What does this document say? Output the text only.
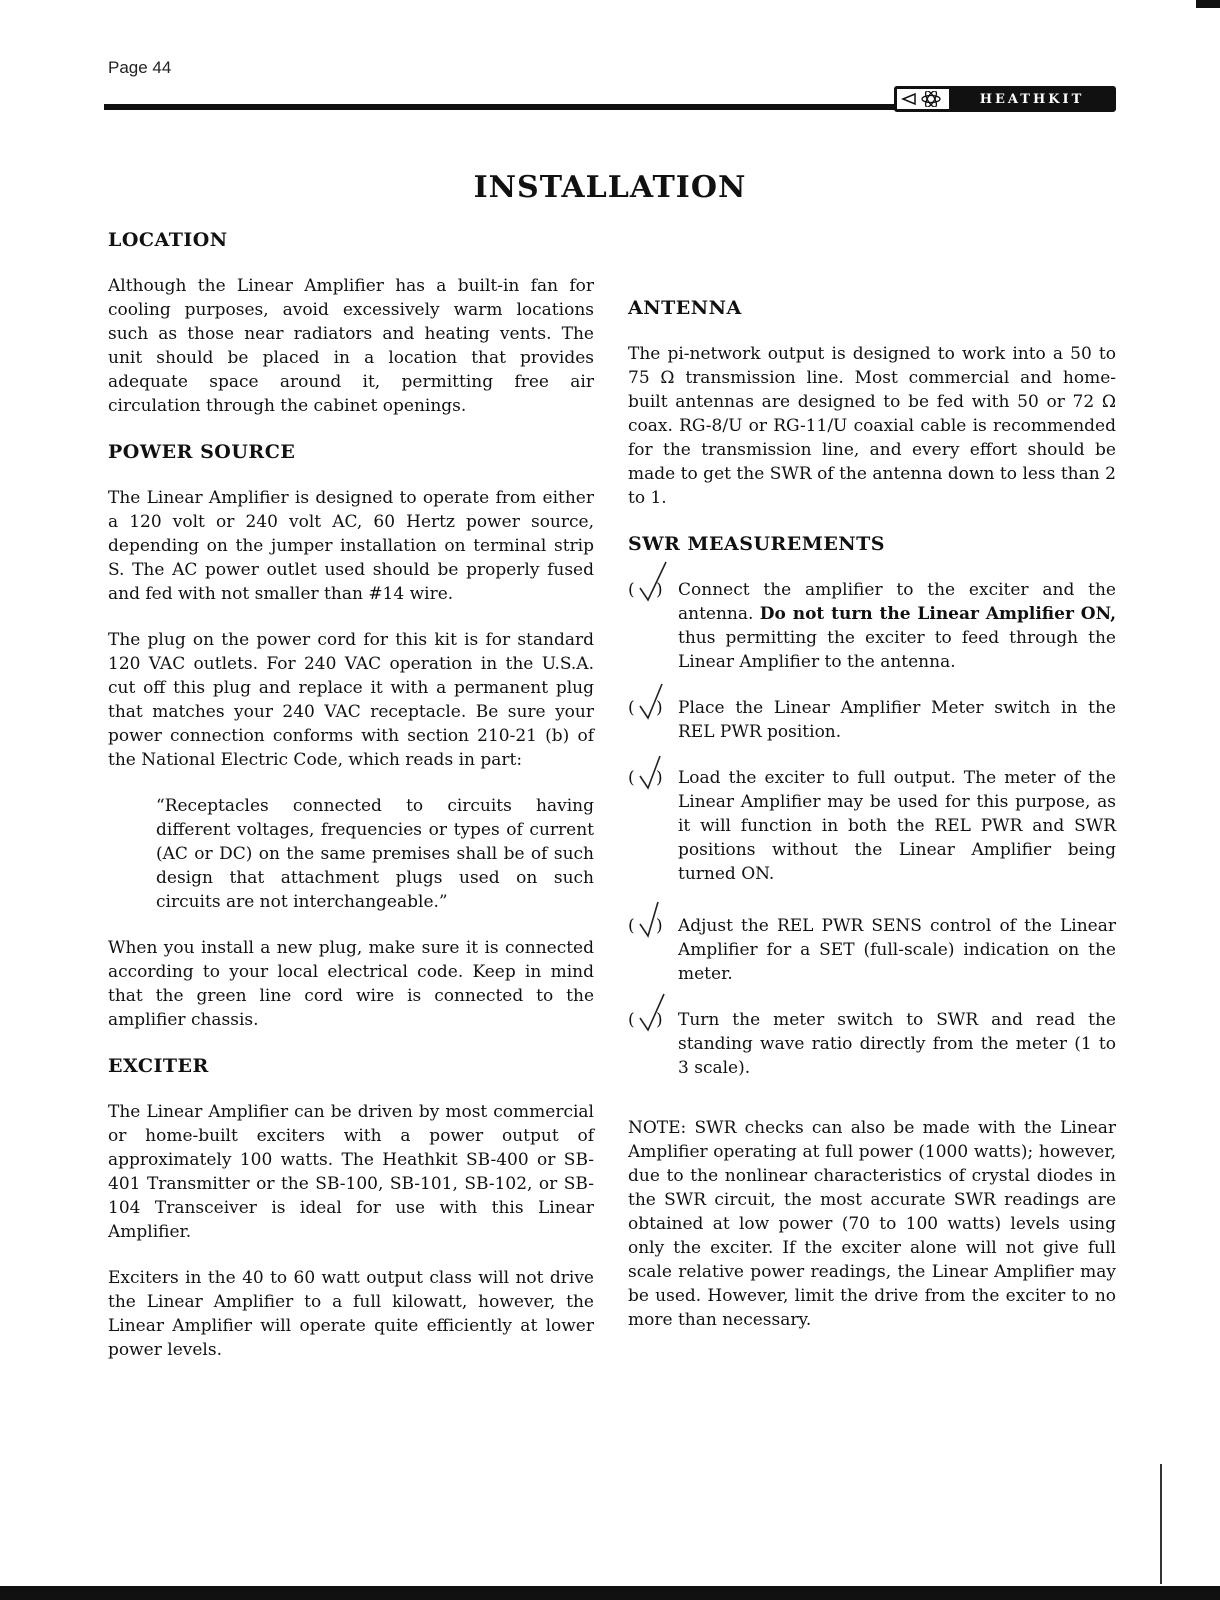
Page 44
HEATHKIT
INSTALLATION
LOCATION

Although the Linear Amplifier has a built-in fan for cooling purposes, avoid excessively warm locations such as those near radiators and heating vents. The unit should be placed in a location that provides adequate space around it, permitting free air circulation through the cabinet openings.

POWER SOURCE

The Linear Amplifier is designed to operate from either a 120 volt or 240 volt AC, 60 Hertz power source, depending on the jumper installation on terminal strip S. The AC power outlet used should be properly fused and fed with not smaller than #14 wire.

The plug on the power cord for this kit is for standard 120 VAC outlets. For 240 VAC operation in the U.S.A. cut off this plug and replace it with a permanent plug that matches your 240 VAC receptacle. Be sure your power connection conforms with section 210-21 (b) of the National Electric Code, which reads in part:

“Receptacles connected to circuits having different voltages, frequencies or types of current (AC or DC) on the same premises shall be of such design that attachment plugs used on such circuits are not interchangeable.”

When you install a new plug, make sure it is connected according to your local electrical code. Keep in mind that the green line cord wire is connected to the amplifier chassis.

EXCITER

The Linear Amplifier can be driven by most commercial or home-built exciters with a power output of approximately 100 watts. The Heathkit SB-400 or SB-401 Transmitter or the SB-100, SB-101, SB-102, or SB-104 Transceiver is ideal for use with this Linear Amplifier.

Exciters in the 40 to 60 watt output class will not drive the Linear Amplifier to a full kilowatt, however, the Linear Amplifier will operate quite efficiently at lower power levels.

ANTENNA

The pi-network output is designed to work into a 50 to 75 Ω transmission line. Most commercial and home-built antennas are designed to be fed with 50 or 72 Ω coax. RG-8/U or RG-11/U coaxial cable is recommended for the transmission line, and every effort should be made to get the SWR of the antenna down to less than 2 to 1.

SWR MEASUREMENTS
( ) Connect the amplifier to the exciter and the antenna. Do not turn the Linear Amplifier ON, thus permitting the exciter to feed through the Linear Amplifier to the antenna.
( ) Place the Linear Amplifier Meter switch in the REL PWR position.
( ) Load the exciter to full output. The meter of the Linear Amplifier may be used for this purpose, as it will function in both the REL PWR and SWR positions without the Linear Amplifier being turned ON.
( ) Adjust the REL PWR SENS control of the Linear Amplifier for a SET (full-scale) indication on the meter.
( ) Turn the meter switch to SWR and read the standing wave ratio directly from the meter (1 to 3 scale).

NOTE: SWR checks can also be made with the Linear Amplifier operating at full power (1000 watts); however, due to the nonlinear characteristics of crystal diodes in the SWR circuit, the most accurate SWR readings are obtained at low power (70 to 100 watts) levels using only the exciter. If the exciter alone will not give full scale relative power readings, the Linear Amplifier may be used. However, limit the drive from the exciter to no more than necessary.
